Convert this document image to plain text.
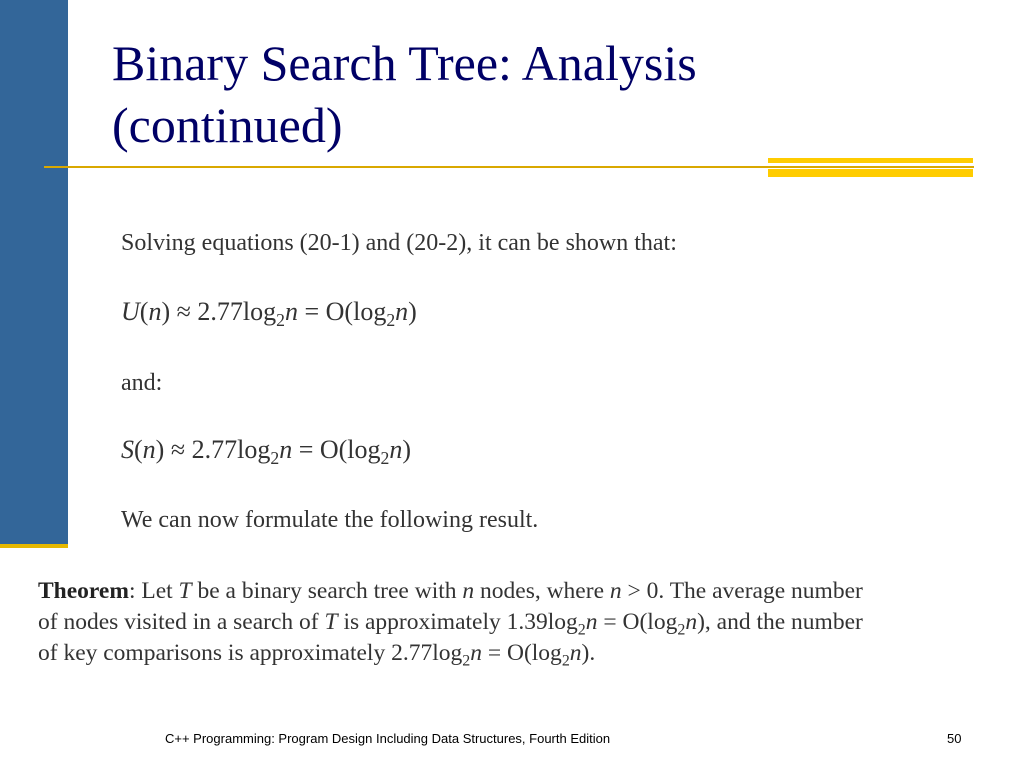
Binary Search Tree: Analysis
(continued)
Solving equations (20-1) and (20-2), it can be shown that:
$U(n) \approx 2.77\log_2n = O(\log_2n)$
and:
$S(n) \approx 2.77\log_2n = O(\log_2n)$
We can now formulate the following result.
Theorem: Let T be a binary search tree with n nodes, where n > 0. The average number
of nodes visited in a search of T is approximately $1.39\log_2n = O(\log_2n)$, and the number
of key comparisons is approximately $2.77\log_2n = O(\log_2n)$.
C++ Programming: Program Design Including Data Structures, Fourth Edition	50
